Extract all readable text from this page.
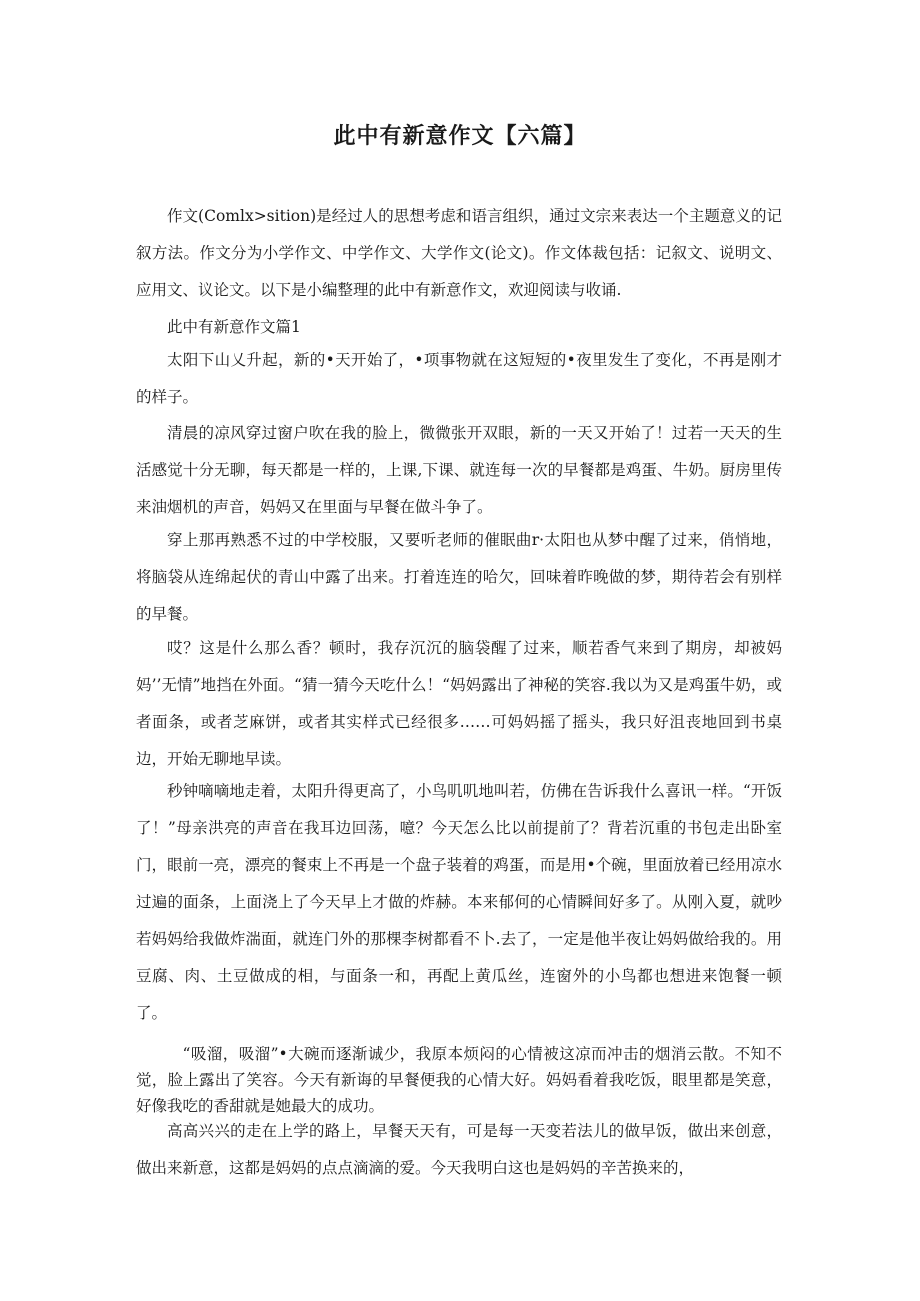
此中有新意作文【六篇】

作文(Comlx>sition)是经过人的思想考虑和语言组织，通过文宗来表达一个主题意义的记叙方法。作文分为小学作文、中学作文、大学作文(论文)。作文体裁包括：记叙文、说明文、应用文、议论文。以下是小编整理的此中有新意作文，欢迎阅读与收诵.

此中有新意作文篇1

太阳下山乂升起，新的•天开始了，•项事物就在这短短的•夜里发生了变化，不再是刚才的样子。

清晨的凉风穿过窗户吹在我的脸上，微微张开双眼，新的一天又开始了！过若一天天的生活感觉十分无聊，每天都是一样的，上课,下课、就连每一次的早餐都是鸡蛋、牛奶。厨房里传来油烟机的声音，妈妈又在里面与早餐在做斗争了。

穿上那再熟悉不过的中学校服，又要听老师的催眠曲r·太阳也从梦中醒了过来，俏悄地，将脑袋从连绵起伏的青山中露了出来。打着连连的哈欠，回味着昨晚做的梦，期待若会有别样的早餐。

哎？这是什么那么香？顿时，我存沉沉的脑袋醒了过来，顺若香气来到了期房，却被妈妈’’无情”地挡在外面。“猜一猜今天吃什么！“妈妈露出了神秘的笑容.我以为又是鸡蛋牛奶，或者面条，或者芝麻饼，或者其实样式已经很多……可妈妈摇了摇头，我只好沮丧地回到书桌边，开始无聊地早读。

秒钟嘀嘀地走着，太阳升得更高了，小鸟叽叽地叫若，仿佛在告诉我什么喜讯一样。“开饭了！”母亲洪亮的声音在我耳边回荡，噫？今天怎么比以前提前了？背若沉重的书包走出卧室门，眼前一亮，漂亮的餐束上不再是一个盘子装着的鸡蛋，而是用•个碗，里面放着已经用凉水过遍的面条，上面浇上了今天早上才做的炸赫。本来郁何的心情瞬间好多了。从刚入夏，就吵若妈妈给我做炸湍面，就连门外的那棵李树都看不卜.去了，一定是他半夜让妈妈做给我的。用豆腐、肉、土豆做成的相，与面条一和，再配上黄瓜丝，连窗外的小鸟都也想进来饱餐一顿了。

“吸溜，吸溜”•大碗而逐渐诚少，我原本烦闷的心情被这凉而冲击的烟消云散。不知不觉，脸上露出了笑容。今天有新诲的早餐便我的心情大好。妈妈看着我吃饭，眼里都是笑意，好像我吃的香甜就是她最大的成功。

高高兴兴的走在上学的路上，早餐天天有，可是每一天变若法儿的做早饭，做出来创意，做出来新意，这都是妈妈的点点滴滴的爱。今天我明白这也是妈妈的辛苦换来的，
